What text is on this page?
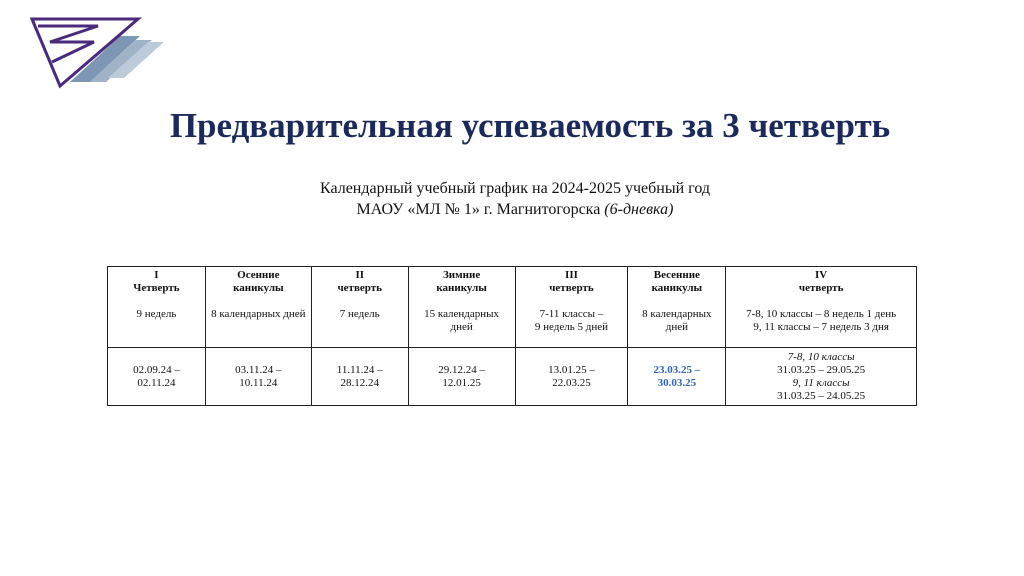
Предварительная успеваемость за 3 четверть
Календарный учебный график на 2024-2025 учебный год
МАОУ «МЛ № 1» г. Магнитогорска (6-дневка)
I
Четверть
9 недель	Осенние
каникулы
8 календарных дней	II
четверть
7 недель	Зимние
каникулы
15 календарных дней	III
четверть
7-11 классы –
9 недель 5 дней	Весенние
каникулы
8 календарных дней	IV
четверть
7-8, 10 классы – 8 недель 1 день
9, 11 классы – 7 недель 3 дня

02.09.24 –
02.11.24	03.11.24 –
10.11.24	11.11.24 –
28.12.24	29.12.24 –
12.01.25	13.01.25 –
22.03.25	23.03.25 –
30.03.25	7-8, 10 классы
31.03.25 – 29.05.25
9, 11 классы
31.03.25 – 24.05.25
